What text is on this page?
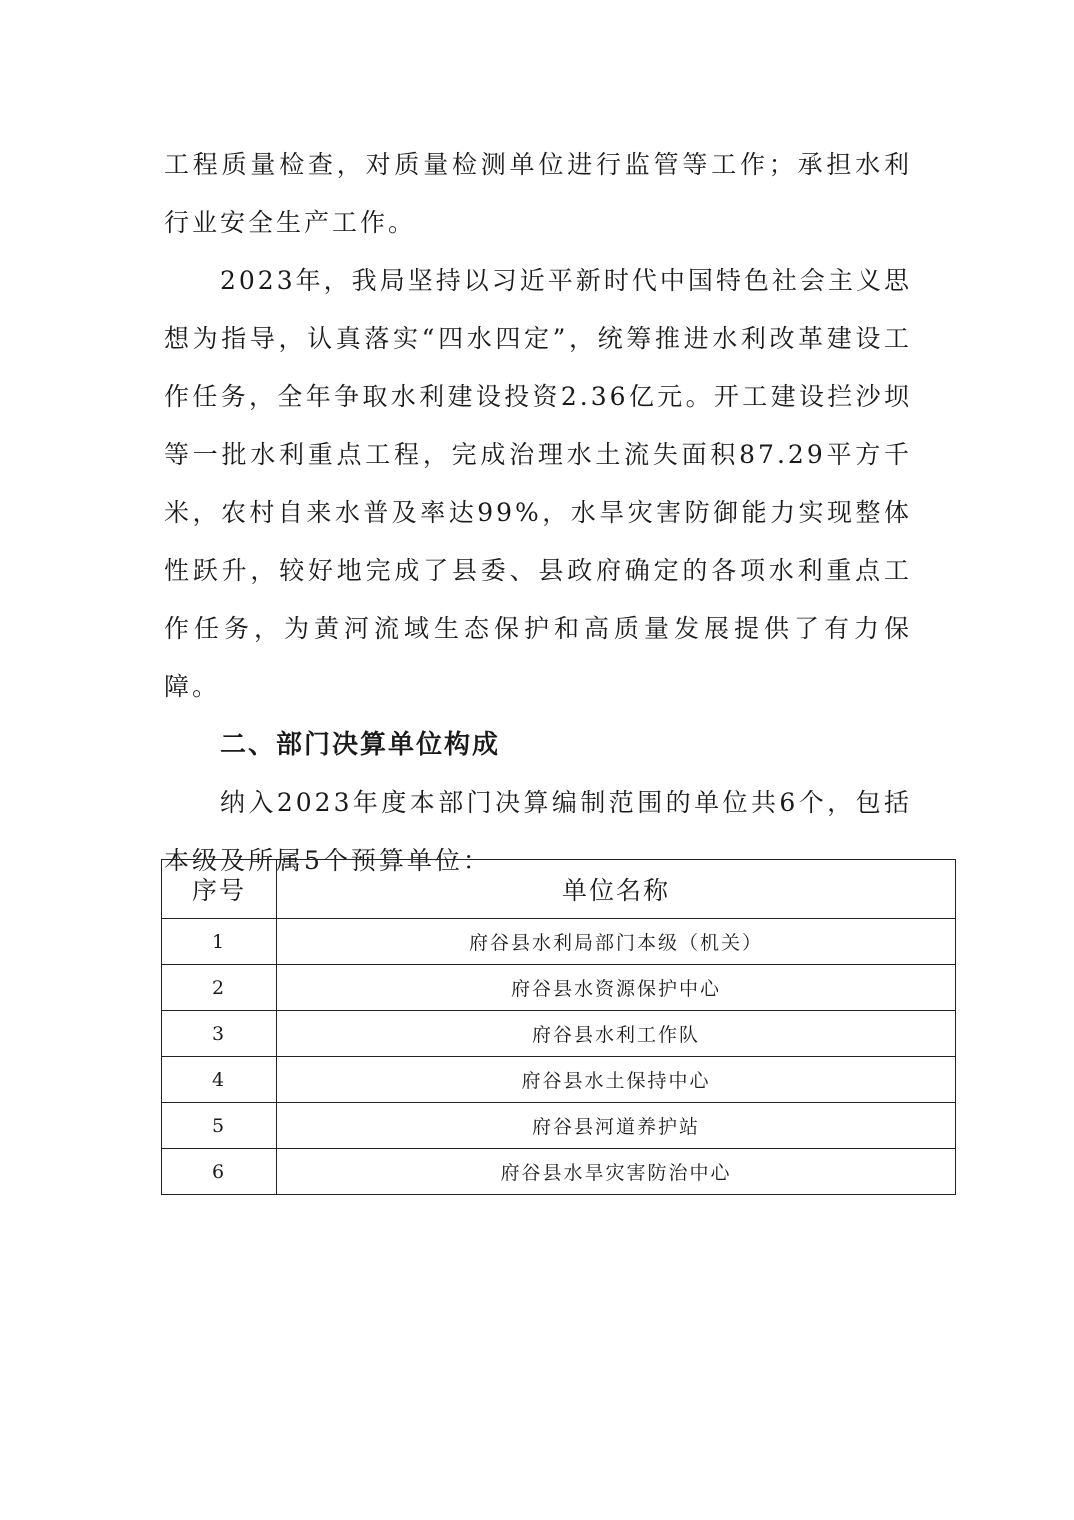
工程质量检查，对质量检测单位进行监管等工作；承担水利行业安全生产工作。

2023年，我局坚持以习近平新时代中国特色社会主义思想为指导，认真落实“四水四定”，统筹推进水利改革建设工作任务，全年争取水利建设投资2.36亿元。开工建设拦沙坝等一批水利重点工程，完成治理水土流失面积87.29平方千米，农村自来水普及率达99%，水旱灾害防御能力实现整体性跃升，较好地完成了县委、县政府确定的各项水利重点工作任务，为黄河流域生态保护和高质量发展提供了有力保障。

二、部门决算单位构成

纳入2023年度本部门决算编制范围的单位共6个，包括本级及所属5个预算单位：

序号	单位名称
1	府谷县水利局部门本级（机关）
2	府谷县水资源保护中心
3	府谷县水利工作队
4	府谷县水土保持中心
5	府谷县河道养护站
6	府谷县水旱灾害防治中心
